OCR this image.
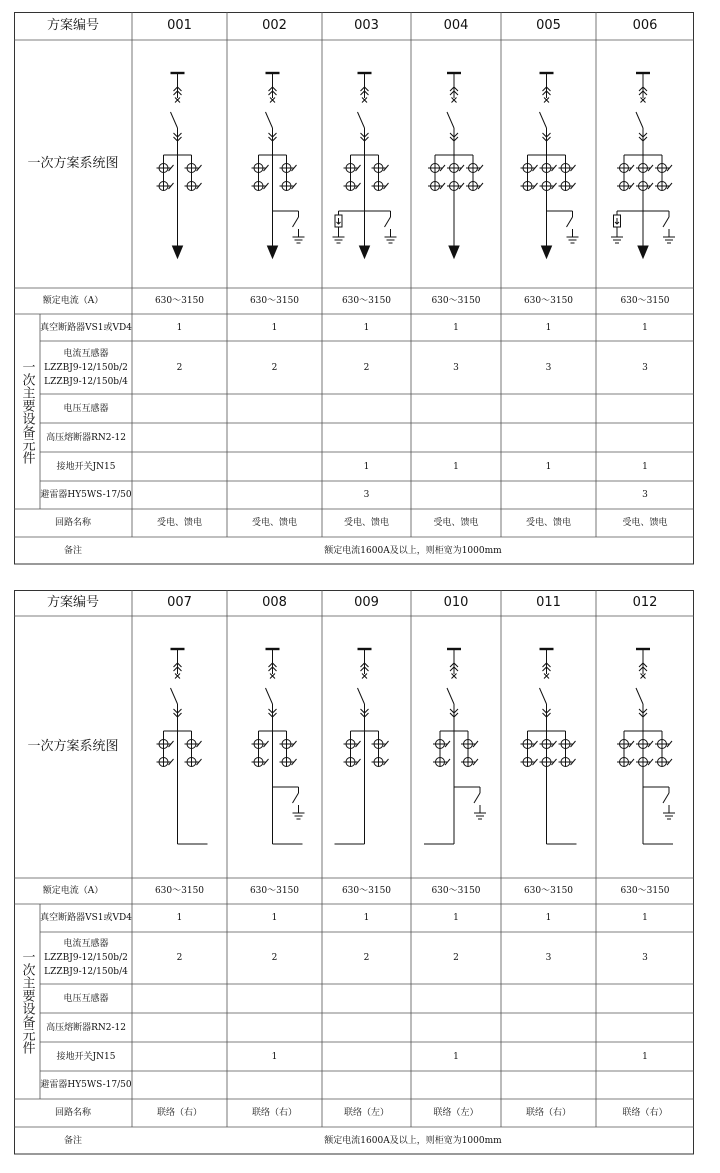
方案编号
一次方案系统图
额定电流（A）
一次主要设备元件
真空断路器VS1或VD4
电流互感器
LZZBJ9-12/150b/2
LZZBJ9-12/150b/4
电压互感器
高压熔断器RN2-12
接地开关JN15
避雷器HY5WS-17/50
回路名称
备注
001
630～3150
1
2
受电、馈电
002
630～3150
1
2
受电、馈电
003
630～3150
1
2
1
3
受电、馈电
004
630～3150
1
3
1
受电、馈电
005
630～3150
1
3
1
受电、馈电
006
630～3150
1
3
1
3
受电、馈电
额定电流1600A及以上，则柜宽为1000mm
方案编号
一次方案系统图
额定电流（A）
一次主要设备元件
真空断路器VS1或VD4
电流互感器
LZZBJ9-12/150b/2
LZZBJ9-12/150b/4
电压互感器
高压熔断器RN2-12
接地开关JN15
避雷器HY5WS-17/50
回路名称
备注
007
630～3150
1
2
联络（右）
008
630～3150
1
2
1
联络（右）
009
630～3150
1
2
联络（左）
010
630～3150
1
2
1
联络（左）
011
630～3150
1
3
联络（右）
012
630～3150
1
3
1
联络（右）
额定电流1600A及以上，则柜宽为1000mm
